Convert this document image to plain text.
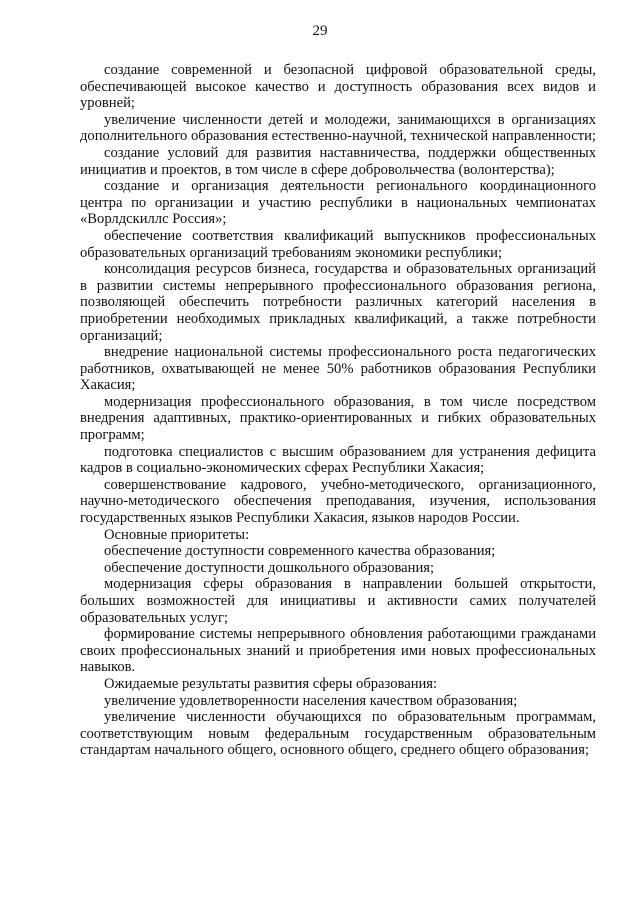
29

создание современной и безопасной цифровой образовательной среды, обеспечивающей высокое качество и доступность образования всех видов и уровней;

увеличение численности детей и молодежи, занимающихся в организациях дополнительного образования естественно-научной, технической направленности;

создание условий для развития наставничества, поддержки общественных инициатив и проектов, в том числе в сфере добровольчества (волонтерства);

создание и организация деятельности регионального координационного центра по организации и участию республики в национальных чемпионатах «Ворлдскиллс Россия»;

обеспечение соответствия квалификаций выпускников профессиональных образовательных организаций требованиям экономики республики;

консолидация ресурсов бизнеса, государства и образовательных организаций в развитии системы непрерывного профессионального образования региона, позволяющей обеспечить потребности различных категорий населения в приобретении необходимых прикладных квалификаций, а также потребности организаций;

внедрение национальной системы профессионального роста педагогических работников, охватывающей не менее 50% работников образования Республики Хакасия;

модернизация профессионального образования, в том числе посредством внедрения адаптивных, практико-ориентированных и гибких образовательных программ;

подготовка специалистов с высшим образованием для устранения дефицита кадров в социально-экономических сферах Республики Хакасия;

совершенствование кадрового, учебно-методического, организационного, научно-методического обеспечения преподавания, изучения, использования государственных языков Республики Хакасия, языков народов России.

Основные приоритеты:

обеспечение доступности современного качества образования;

обеспечение доступности дошкольного образования;

модернизация сферы образования в направлении большей открытости, больших возможностей для инициативы и активности самих получателей образовательных услуг;

формирование системы непрерывного обновления работающими гражданами своих профессиональных знаний и приобретения ими новых профессиональных навыков.

Ожидаемые результаты развития сферы образования:

увеличение удовлетворенности населения качеством образования;

увеличение численности обучающихся по образовательным программам, соответствующим новым федеральным государственным образовательным стандартам начального общего, основного общего, среднего общего образования;
